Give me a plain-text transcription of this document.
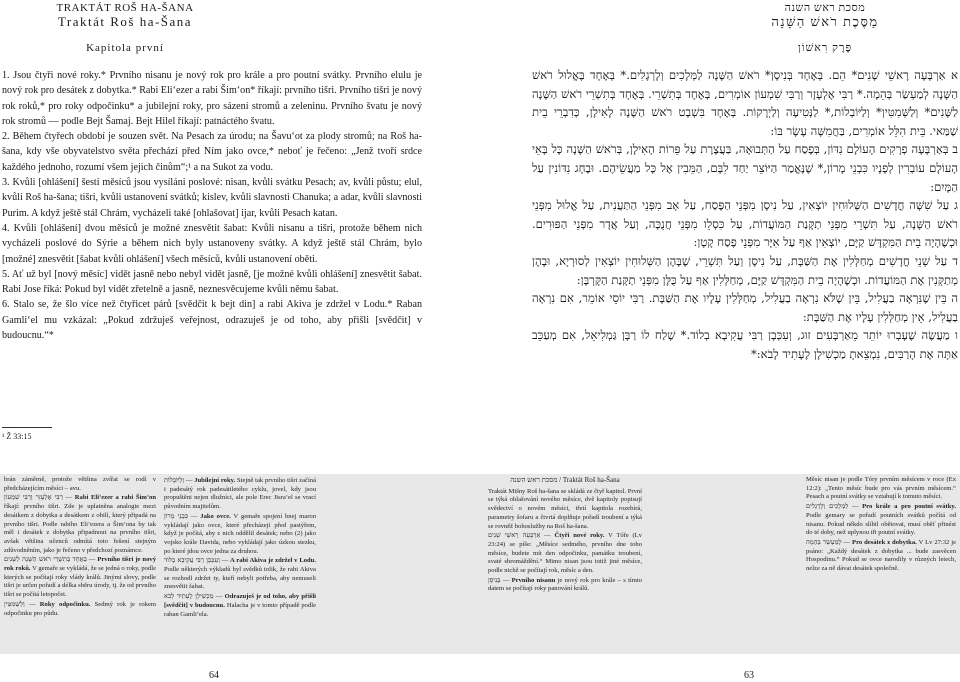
TRAKTÁT ROŠ HA-ŠANA
Traktát Roš ha-Šana
Kapitola první
מסכת ראש השנה
מַסֶּכֶת רֹאשׁ הַשָּׁנָה
פֶּרֶק רִאשׁוֹן

1. Jsou čtyři nové roky.* Prvního nisanu je nový rok pro krále a pro poutní svátky. Prvního elulu je nový rok pro desátek z dobytka.* Rabi Eli‘ezer a rabi Šim‘on* říkají: prvního tišri. Prvního tišri je nový rok roků,* pro roky odpočinku* a jubilejní roky, pro sázení stromů a zeleninu. Prvního švatu je nový rok stromů — podle Bejt Šamaj. Bejt Hilel říkají: patnáctého švatu.

2. Během čtyřech období je souzen svět. Na Pesach za úrodu; na Šavu‘ot za plody stromů; na Roš ha-šana, kdy vše obyvatelstvo světa přechází před Ním jako ovce,* neboť je řečeno: „Jenž tvoří srdce každého jednoho, rozumí všem jejich činům“;¹ a na Sukot za vodu.

3. Kvůli [ohlášení] šesti měsíců jsou vysíláni poslové: nisan, kvůli svátku Pesach; av, kvůli půstu; elul, kvůli Roš ha-šana; tišri, kvůli ustanovení svátků; kislev, kvůli slavnosti Chanuka; a adar, kvůli slavnosti Purim. A když ještě stál Chrám, vycházeli také [ohlašovat] ijar, kvůli Pesach katan.

4. Kvůli [ohlášení] dvou měsíců je možné znesvětit šabat: Kvůli nisanu a tišri, protože během nich vycházeli poslové do Sýrie a během nich byly ustanoveny svátky. A když ještě stál Chrám, bylo [možné] znesvětit [šabat kvůli ohlášení] všech měsíců, kvůli ustanovení oběti.

5. Ať už byl [nový měsíc] vidět jasně nebo nebyl vidět jasně, [je možné kvůli ohlášení] znesvětit šabat. Rabi Jose říká: Pokud byl vidět zřetelně a jasně, neznesvěcujeme kvůli němu šabat.

6. Stalo se, že šlo více než čtyřicet párů [svědčit k bejt din] a rabi Akiva je zdržel v Lodu.* Raban Gamli‘el mu vzkázal: „Pokud zdržuješ veřejnost, odrazuješ je od toho, aby přišli [svědčit] v budoucnu.“*

א אַרְבָּעָה רָאשֵׁי שָׁנִים* הֵם. בְּאֶחָד בְּנִיסָן* רֹאשׁ הַשָּׁנָה לַמְּלָכִים וְלָרְגָלִים.* בְּאֶחָד בֶּאֱלוּל רֹאשׁ הַשָּׁנָה לְמַעְשַׂר בְּהֵמָה.* רַבִּי אֶלְעָזָר וְרַבִּי שִׁמְעוֹן אוֹמְרִים, בְּאֶחָד בְּתִשְׁרֵי. בְּאֶחָד בְּתִשְׁרֵי רֹאשׁ הַשָּׁנָה לַשָּׁנִים* וְלַשְּׁמִטִּין* וְלַיּוֹבְלוֹת,* לַנְּטִיעָה וְלַיְרָקוֹת. בְּאֶחָד בִּשְׁבָט רֹאשׁ הַשָּׁנָה לָאִילָן, כְּדִבְרֵי בֵית שַׁמַּאי. בֵּית הִלֵּל אוֹמְרִים, בַּחֲמִשָּׁה עָשָׂר בּוֹ:

ב בְּאַרְבָּעָה פְרָקִים הָעוֹלָם נִדּוֹן, בְּפֶסַח עַל הַתְּבוּאָה, בַּעֲצֶרֶת עַל פֵּרוֹת הָאִילָן, בְּרֹאשׁ הַשָּׁנָה כָּל בָּאֵי הָעוֹלָם עוֹבְרִין לְפָנָיו כִּבְנֵי מָרוֹן,* שֶׁנֶּאֱמַר הַיּוֹצֵר יַחַד לִבָּם, הַמֵּבִין אֶל כָּל מַעֲשֵׂיהֶם. וּבֶחָג נִדּוֹנִין עַל הַמָּיִם:

ג עַל שִׁשָּׁה חֳדָשִׁים הַשְּׁלוּחִין יוֹצְאִין, עַל נִיסָן מִפְּנֵי הַפֶּסַח, עַל אָב מִפְּנֵי הַתַּעֲנִית, עַל אֱלוּל מִפְּנֵי רֹאשׁ הַשָּׁנָה, עַל תִּשְׁרֵי מִפְּנֵי תַקָּנַת הַמּוֹעֲדוֹת, עַל כִּסְלֵו מִפְּנֵי חֲנֻכָּה, וְעַל אֲדָר מִפְּנֵי הַפּוּרִים. וּכְשֶׁהָיָה בֵית הַמִּקְדָּשׁ קַיָּם, יוֹצְאִין אַף עַל אִיָּר מִפְּנֵי פֶסַח קָטָן:

ד עַל שְׁנֵי חֳדָשִׁים מְחַלְּלִין אֶת הַשַּׁבָּת, עַל נִיסָן וְעַל תִּשְׁרֵי, שֶׁבָּהֶן הַשְּׁלוּחִין יוֹצְאִין לְסוּרְיָא, וּבָהֶן מְתַקְּנִין אֶת הַמּוֹעֲדוֹת. וּכְשֶׁהָיָה בֵית הַמִּקְדָּשׁ קַיָּם, מְחַלְּלִין אַף עַל כֻּלָּן מִפְּנֵי תַקָּנַת הַקָּרְבָּן:

ה בֵּין שֶׁנִּרְאָה בַעֲלִיל, בֵּין שֶׁלֹּא נִרְאָה בַעֲלִיל, מְחַלְּלִין עָלָיו אֶת הַשַּׁבָּת. רַבִּי יוֹסֵי אוֹמֵר, אִם נִרְאָה בַעֲלִיל, אֵין מְחַלְּלִין עָלָיו אֶת הַשַּׁבָּת:

ו מַעֲשֶׂה שֶׁעָבְרוּ יוֹתֵר מֵאַרְבָּעִים זוּג, וְעִכְּבָן רַבִּי עֲקִיבָא בְלוֹד.* שָׁלַח לוֹ רַבָּן גַּמְלִיאֵל, אִם מְעַכֵּב אַתָּה אֶת הָרַבִּים, נִמְצֵאתָ מַכְשִׁילָן לֶעָתִיד לָבֹא:*

¹ Ž 33:15
brán záměrně, protože většina zvířat se rodí v předcházejícím měsíci – avu.
רַבִּי אֶלְעָזָר וְרַבִּי שִׁמְעוֹן — Rabi Eli‘ezer a rabi Šim‘on říkají: prvního tišri. Zde je uplatněna analogie mezi desátkem z dobytka a desátkem z obilí, který připadá na prvního tišri. Podle rabiho Eli‘ezera a Šim‘ona by tak měl i desátek z dobytka připadnout na prvního tišri, avšak většina učenců odmítá toto řešení stejným zdůvodněním, jako je řečeno v předchozí poznámce.
בְּאֶחָד בְּתִשְׁרֵי רֹאשׁ הַשָּׁנָה לַשָּׁנִים — Prvního tišri je nový rok roků. V gemaře se vykládá, že se jedná o roky, podle kterých se počítají roky vlády králů. Jinými slovy, podle tišri je určen pořadí a délka sběru úrody, tj. že od prvního tišri se počítá letopočet.
וְלַשְּׁמִטִּין — Roky odpočinku. Sedmý rok je rokem odpočinku pro půdu.
וְלַיּוֹבְלוֹת — Jubilejní roky. Stejně tak prvního tišri začíná i padesátý rok padesátiletého cyklu, jovel, kdy jsou propuštěni nejen dlužníci, ale pole Erec Jisra‘el se vrací původním majitelům.
כִּבְנֵי מָרוֹן — Jako ovce. V gemaře spojení bnej maron vykládají jako ovce, které přecházejí před pastýřem, když je počítá, aby z nich oddělil desátek; nebo (2) jako vojsko krále Davida, nebo vykládají jako úzkou stezku, po které jdou ovce jedna za druhou.
וְעִכְּבָן רַבִּי עֲקִיבָא בְלוֹד — A rabi Akiva je zdržel v Lodu. Podle některých výkladů byl svědků tolik, že rabi Akiva se rozhodl zdržet ty, kteří nebyli potřeba, aby nemuseli znesvětit šabat.
מַכְשִׁילָן לֶעָתִיד לָבֹא — Odrazuješ je od toho, aby přišli [svědčit] v budoucnu. Halacha je v tomto případě podle raban Gamli‘ela.
מסכת ראש השנה / Traktát Roš ha-Šana
Traktát Mišny Roš ha-šana se skládá ze čtyř kapitol. První se týká ohlašování nového měsíce, dvě kapitoly popisují svědectví o novém měsíci, třetí kapitola rozebírá, parametry šofaru a čtvrtá doplňuje pořadí troubení a týká se rovněž bohoslužby na Roš ha-šana.
אַרְבָּעָה רָאשֵׁי שָׁנִים — Čtyři nové roky. V Tóře (Lv 23:24) se píše: „Měsíce sedmého, prvního dne toho měsíce, budete mít den odpočinku, památku troubení, svaté shromáždění.“ Mimo nisan jsou totiž jiné měsíce, podle nichž se počítají rok, měsíc a den.
בְּנִיסָן — Prvního nisanu je nový rok pro krále – s tímto datem se počítají roky panování králů.
Měsíc nisan je podle Tóry prvním měsícem v roce (Ex 12:2): „Tento měsíc bude pro vás prvním měsícem.“ Pesach a poutní svátky se vztahují k tomuto měsíci.
לַמְּלָכִים וְלָרְגָלִים — Pro krále a pro poutní svátky. Podle gemary se pořadí poutních svátků počítá od nisanu. Pokud někdo slíbil obětovat, musí oběť přinést do té doby, než uplynou tři poutní svátky.
לְמַעְשַׂר בְּהֵמָה — Pro desátek z dobytka. V Lv 27:32 je psáno: „Každý desátek z dobytka ... bude zasvěcen Hospodinu.“ Pokud se ovce narodily v různých letech, nelze za ně dávat desátek společně.
64	63
